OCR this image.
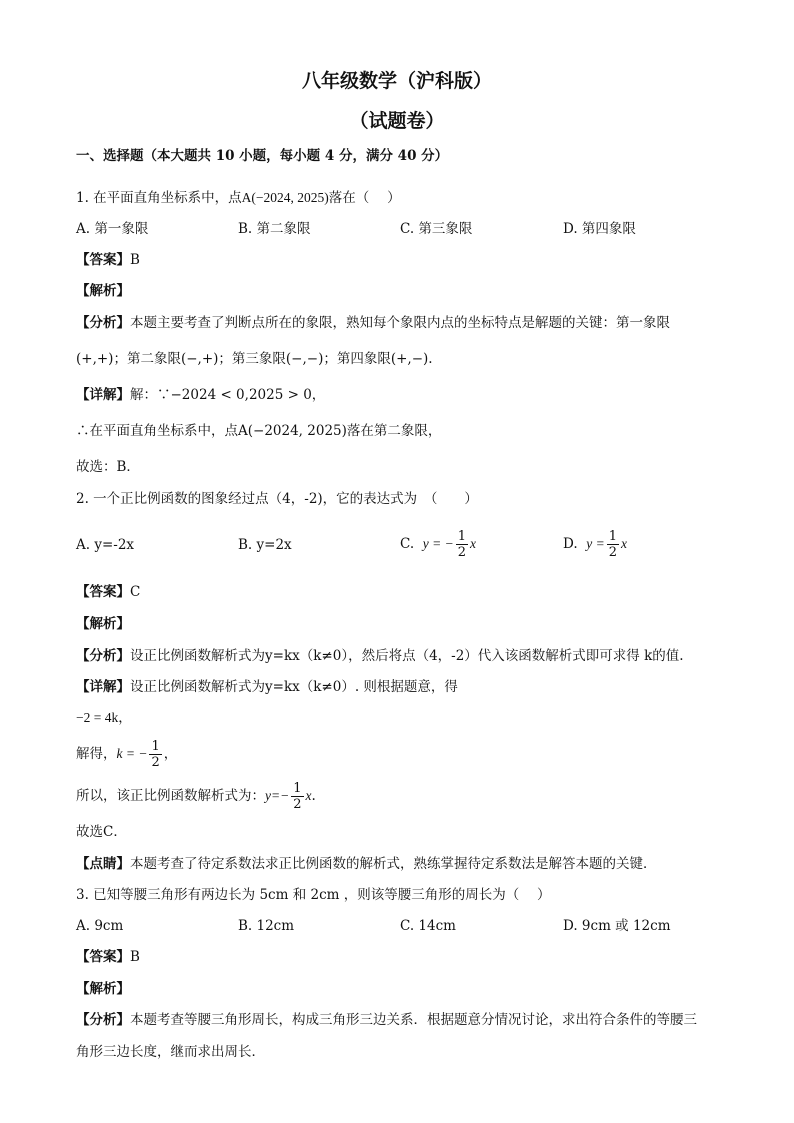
八年级数学（沪科版）
（试题卷）
一、选择题（本大题共 10 小题，每小题 4 分，满分 40 分）
1. 在平面直角坐标系中，点A(−2024, 2025)落在（　 ）
A. 第一象限	B. 第二象限	C. 第三象限	D. 第四象限
【答案】B
【解析】
【分析】本题主要考查了判断点所在的象限，熟知每个象限内点的坐标特点是解题的关键：第一象限
(+,+)；第二象限(−,+)；第三象限(−,−)；第四象限(+,−).
【详解】解：∵−2024 < 0,2025 > 0，
∴在平面直角坐标系中，点A(−2024, 2025)落在第二象限，
故选：B．
2. 一个正比例函数的图象经过点（4，-2)，它的表达式为　（　　）
A. y=-2x	B. y=2x	C. y = − $\frac{1}{2}$ x	D. $y = \frac{1}{2}$ x
【答案】C
【解析】
【分析】设正比例函数解析式为y=kx（k≠0），然后将点（4，-2）代入该函数解析式即可求得 k的值.
【详解】设正比例函数解析式为y=kx（k≠0）. 则根据题意，得
−2 = 4k，
解得，k = − $\frac{1}{2}$ ，
所以，该正比例函数解析式为：$y=- \frac{1}{2} x$.
故选C．
【点睛】本题考查了待定系数法求正比例函数的解析式，熟练掌握待定系数法是解答本题的关键．
3. 已知等腰三角形有两边长为 5cm 和 2cm ，则该等腰三角形的周长为（　 ）
A. 9cm	B. 12cm	C. 14cm	D. 9cm 或 12cm
【答案】B
【解析】
【分析】本题考查等腰三角形周长，构成三角形三边关系．根据题意分情况讨论，求出符合条件的等腰三
角形三边长度，继而求出周长．
